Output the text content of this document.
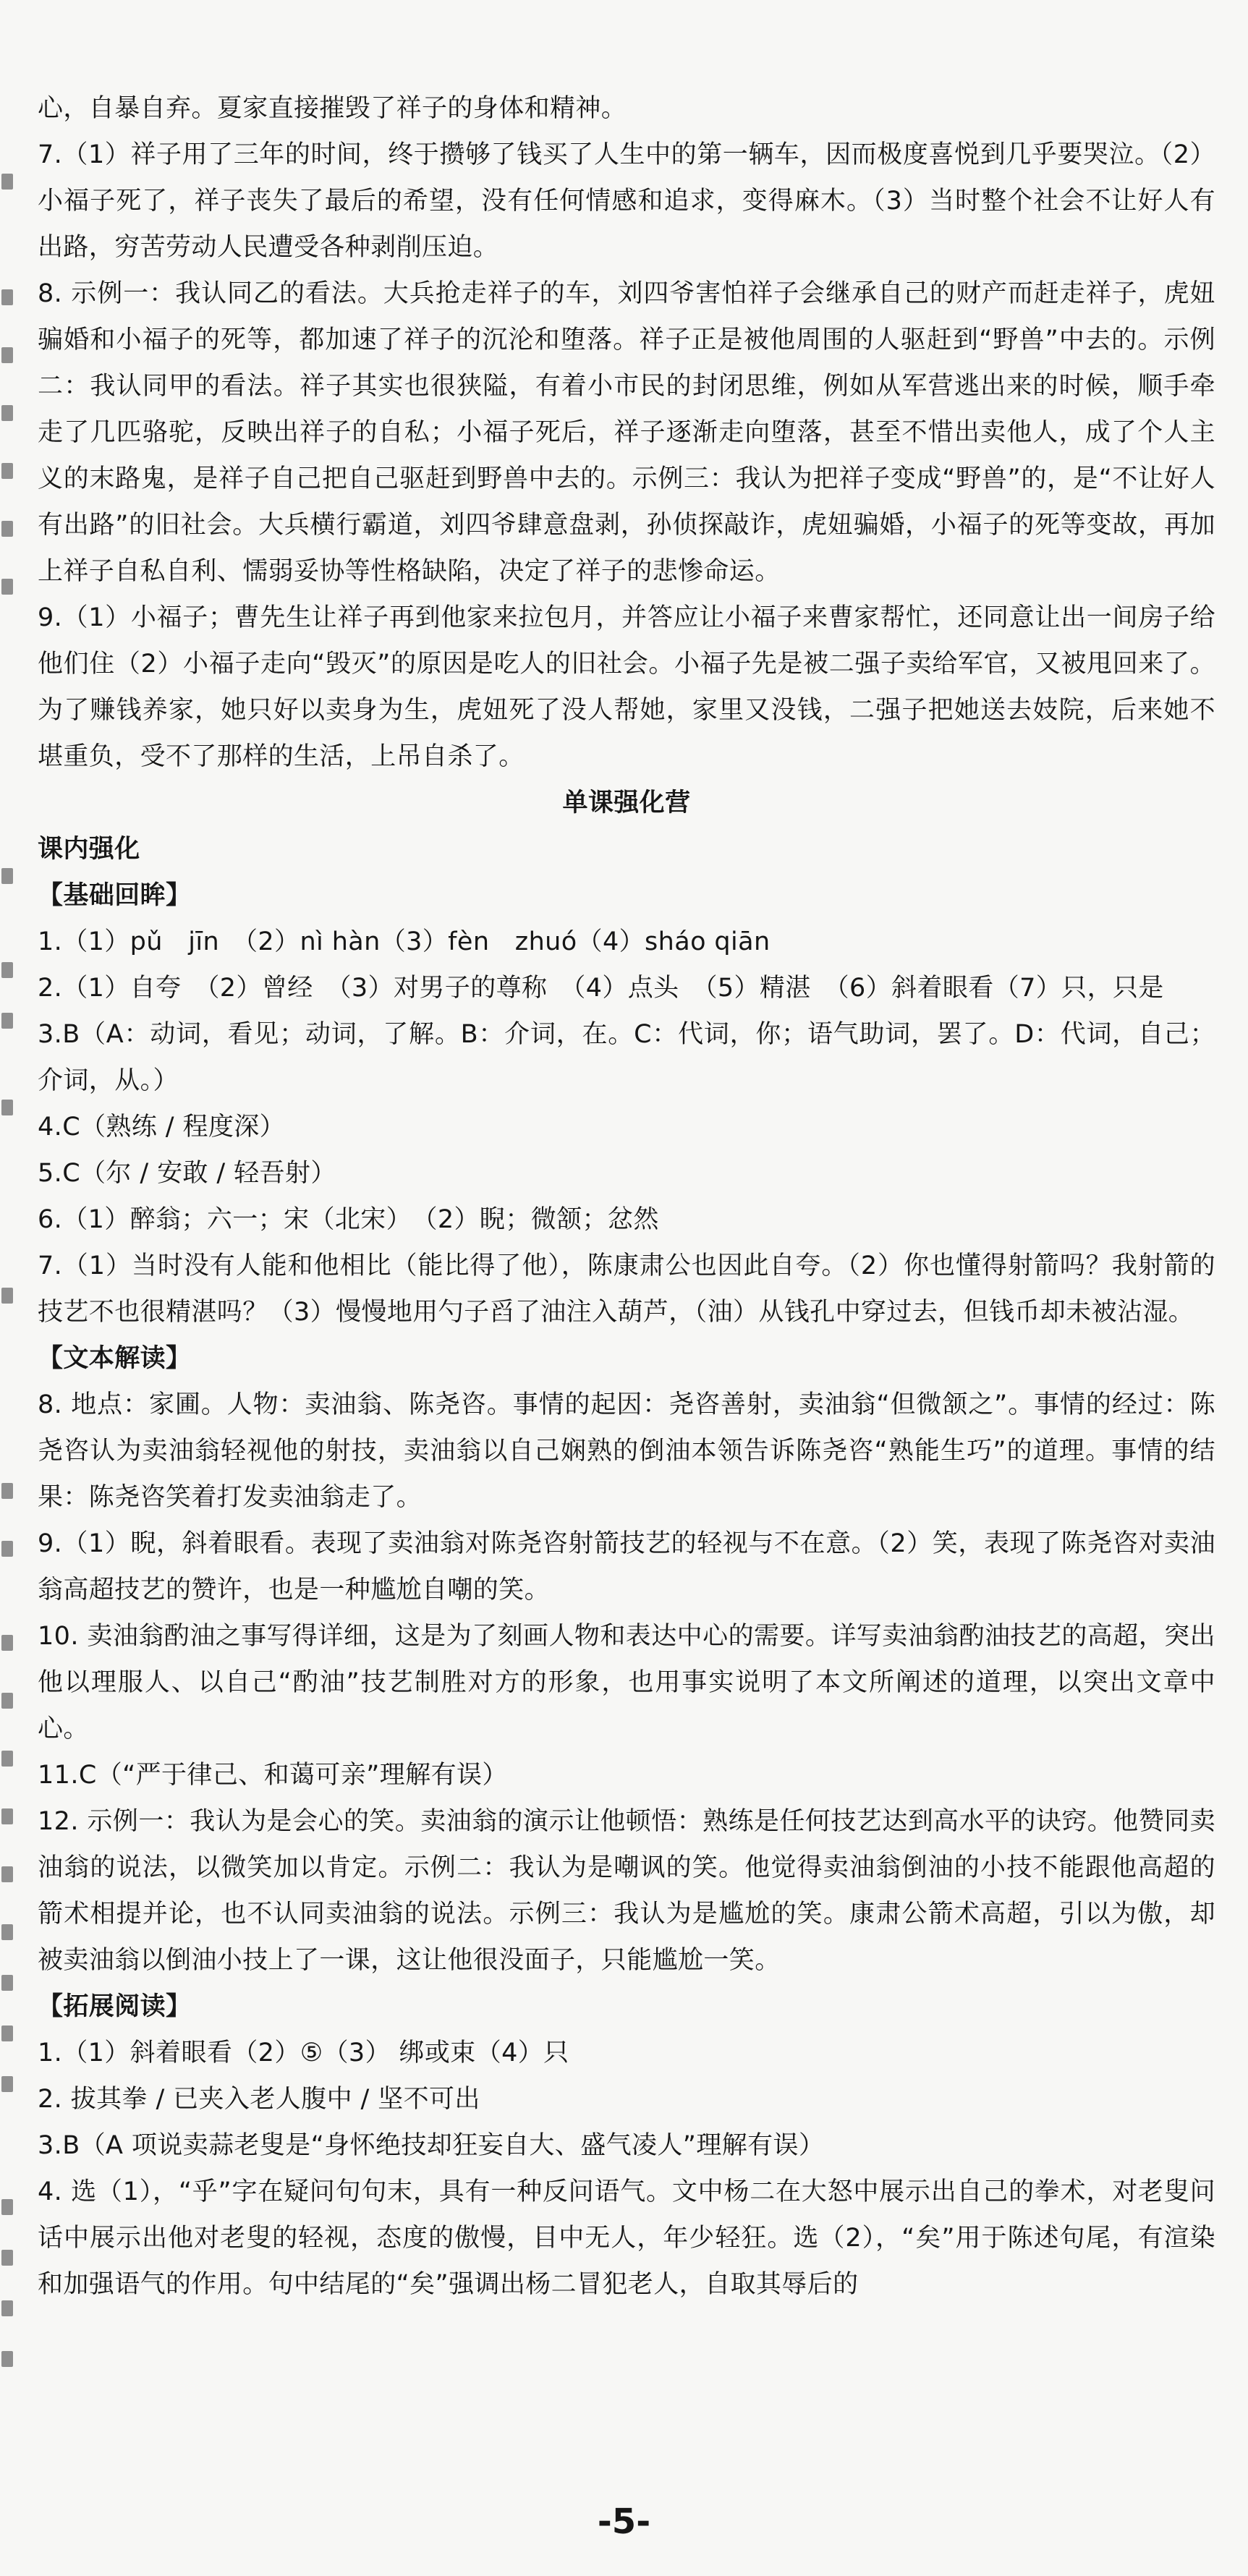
心，自暴自弃。夏家直接摧毁了祥子的身体和精神。

7.（1）祥子用了三年的时间，终于攒够了钱买了人生中的第一辆车，因而极度喜悦到几乎要哭泣。（2）小福子死了，祥子丧失了最后的希望，没有任何情感和追求，变得麻木。（3）当时整个社会不让好人有出路，穷苦劳动人民遭受各种剥削压迫。

8. 示例一：我认同乙的看法。大兵抢走祥子的车，刘四爷害怕祥子会继承自己的财产而赶走祥子，虎妞骗婚和小福子的死等，都加速了祥子的沉沦和堕落。祥子正是被他周围的人驱赶到“野兽”中去的。示例二：我认同甲的看法。祥子其实也很狭隘，有着小市民的封闭思维，例如从军营逃出来的时候，顺手牵走了几匹骆驼，反映出祥子的自私；小福子死后，祥子逐渐走向堕落，甚至不惜出卖他人，成了个人主义的末路鬼，是祥子自己把自己驱赶到野兽中去的。示例三：我认为把祥子变成“野兽”的，是“不让好人有出路”的旧社会。大兵横行霸道，刘四爷肆意盘剥，孙侦探敲诈，虎妞骗婚，小福子的死等变故，再加上祥子自私自利、懦弱妥协等性格缺陷，决定了祥子的悲惨命运。

9.（1）小福子；曹先生让祥子再到他家来拉包月，并答应让小福子来曹家帮忙，还同意让出一间房子给他们住（2）小福子走向“毁灭”的原因是吃人的旧社会。小福子先是被二强子卖给军官，又被甩回来了。为了赚钱养家，她只好以卖身为生，虎妞死了没人帮她，家里又没钱，二强子把她送去妓院，后来她不堪重负，受不了那样的生活，上吊自杀了。

单课强化营

课内强化

【基础回眸】

1.（1）pǔ　jīn　（2）nì hàn（3）fèn　zhuó（4）sháo qiān

2.（1）自夸　（2）曾经　（3）对男子的尊称　（4）点头　（5）精湛　（6）斜着眼看（7）只，只是

3.B（A：动词，看见；动词，了解。B：介词，在。C：代词，你；语气助词，罢了。D：代词，自己；介词，从。）

4.C（熟练 / 程度深）

5.C（尔 / 安敢 / 轻吾射）

6.（1）醉翁；六一；宋（北宋）　（2）睨；微颔；忿然

7.（1）当时没有人能和他相比（能比得了他），陈康肃公也因此自夸。（2）你也懂得射箭吗？我射箭的技艺不也很精湛吗？（3）慢慢地用勺子舀了油注入葫芦，（油）从钱孔中穿过去，但钱币却未被沾湿。

【文本解读】

8. 地点：家圃。人物：卖油翁、陈尧咨。事情的起因：尧咨善射，卖油翁“但微颔之”。事情的经过：陈尧咨认为卖油翁轻视他的射技，卖油翁以自己娴熟的倒油本领告诉陈尧咨“熟能生巧”的道理。事情的结果：陈尧咨笑着打发卖油翁走了。

9.（1）睨，斜着眼看。表现了卖油翁对陈尧咨射箭技艺的轻视与不在意。（2）笑，表现了陈尧咨对卖油翁高超技艺的赞许，也是一种尴尬自嘲的笑。

10. 卖油翁酌油之事写得详细，这是为了刻画人物和表达中心的需要。详写卖油翁酌油技艺的高超，突出他以理服人、以自己“酌油”技艺制胜对方的形象，也用事实说明了本文所阐述的道理，以突出文章中心。

11.C（“严于律己、和蔼可亲”理解有误）

12. 示例一：我认为是会心的笑。卖油翁的演示让他顿悟：熟练是任何技艺达到高水平的诀窍。他赞同卖油翁的说法，以微笑加以肯定。示例二：我认为是嘲讽的笑。他觉得卖油翁倒油的小技不能跟他高超的箭术相提并论，也不认同卖油翁的说法。示例三：我认为是尴尬的笑。康肃公箭术高超，引以为傲，却被卖油翁以倒油小技上了一课，这让他很没面子，只能尴尬一笑。

【拓展阅读】

1.（1）斜着眼看（2）⑤（3） 绑或束（4）只

2. 拔其拳 / 已夹入老人腹中 / 坚不可出

3.B（A 项说卖蒜老叟是“身怀绝技却狂妄自大、盛气凌人”理解有误）

4. 选（1），“乎”字在疑问句句末，具有一种反问语气。文中杨二在大怒中展示出自己的拳术，对老叟问话中展示出他对老叟的轻视，态度的傲慢，目中无人，年少轻狂。选（2），“矣”用于陈述句尾，有渲染和加强语气的作用。句中结尾的“矣”强调出杨二冒犯老人，自取其辱后的

-5-
